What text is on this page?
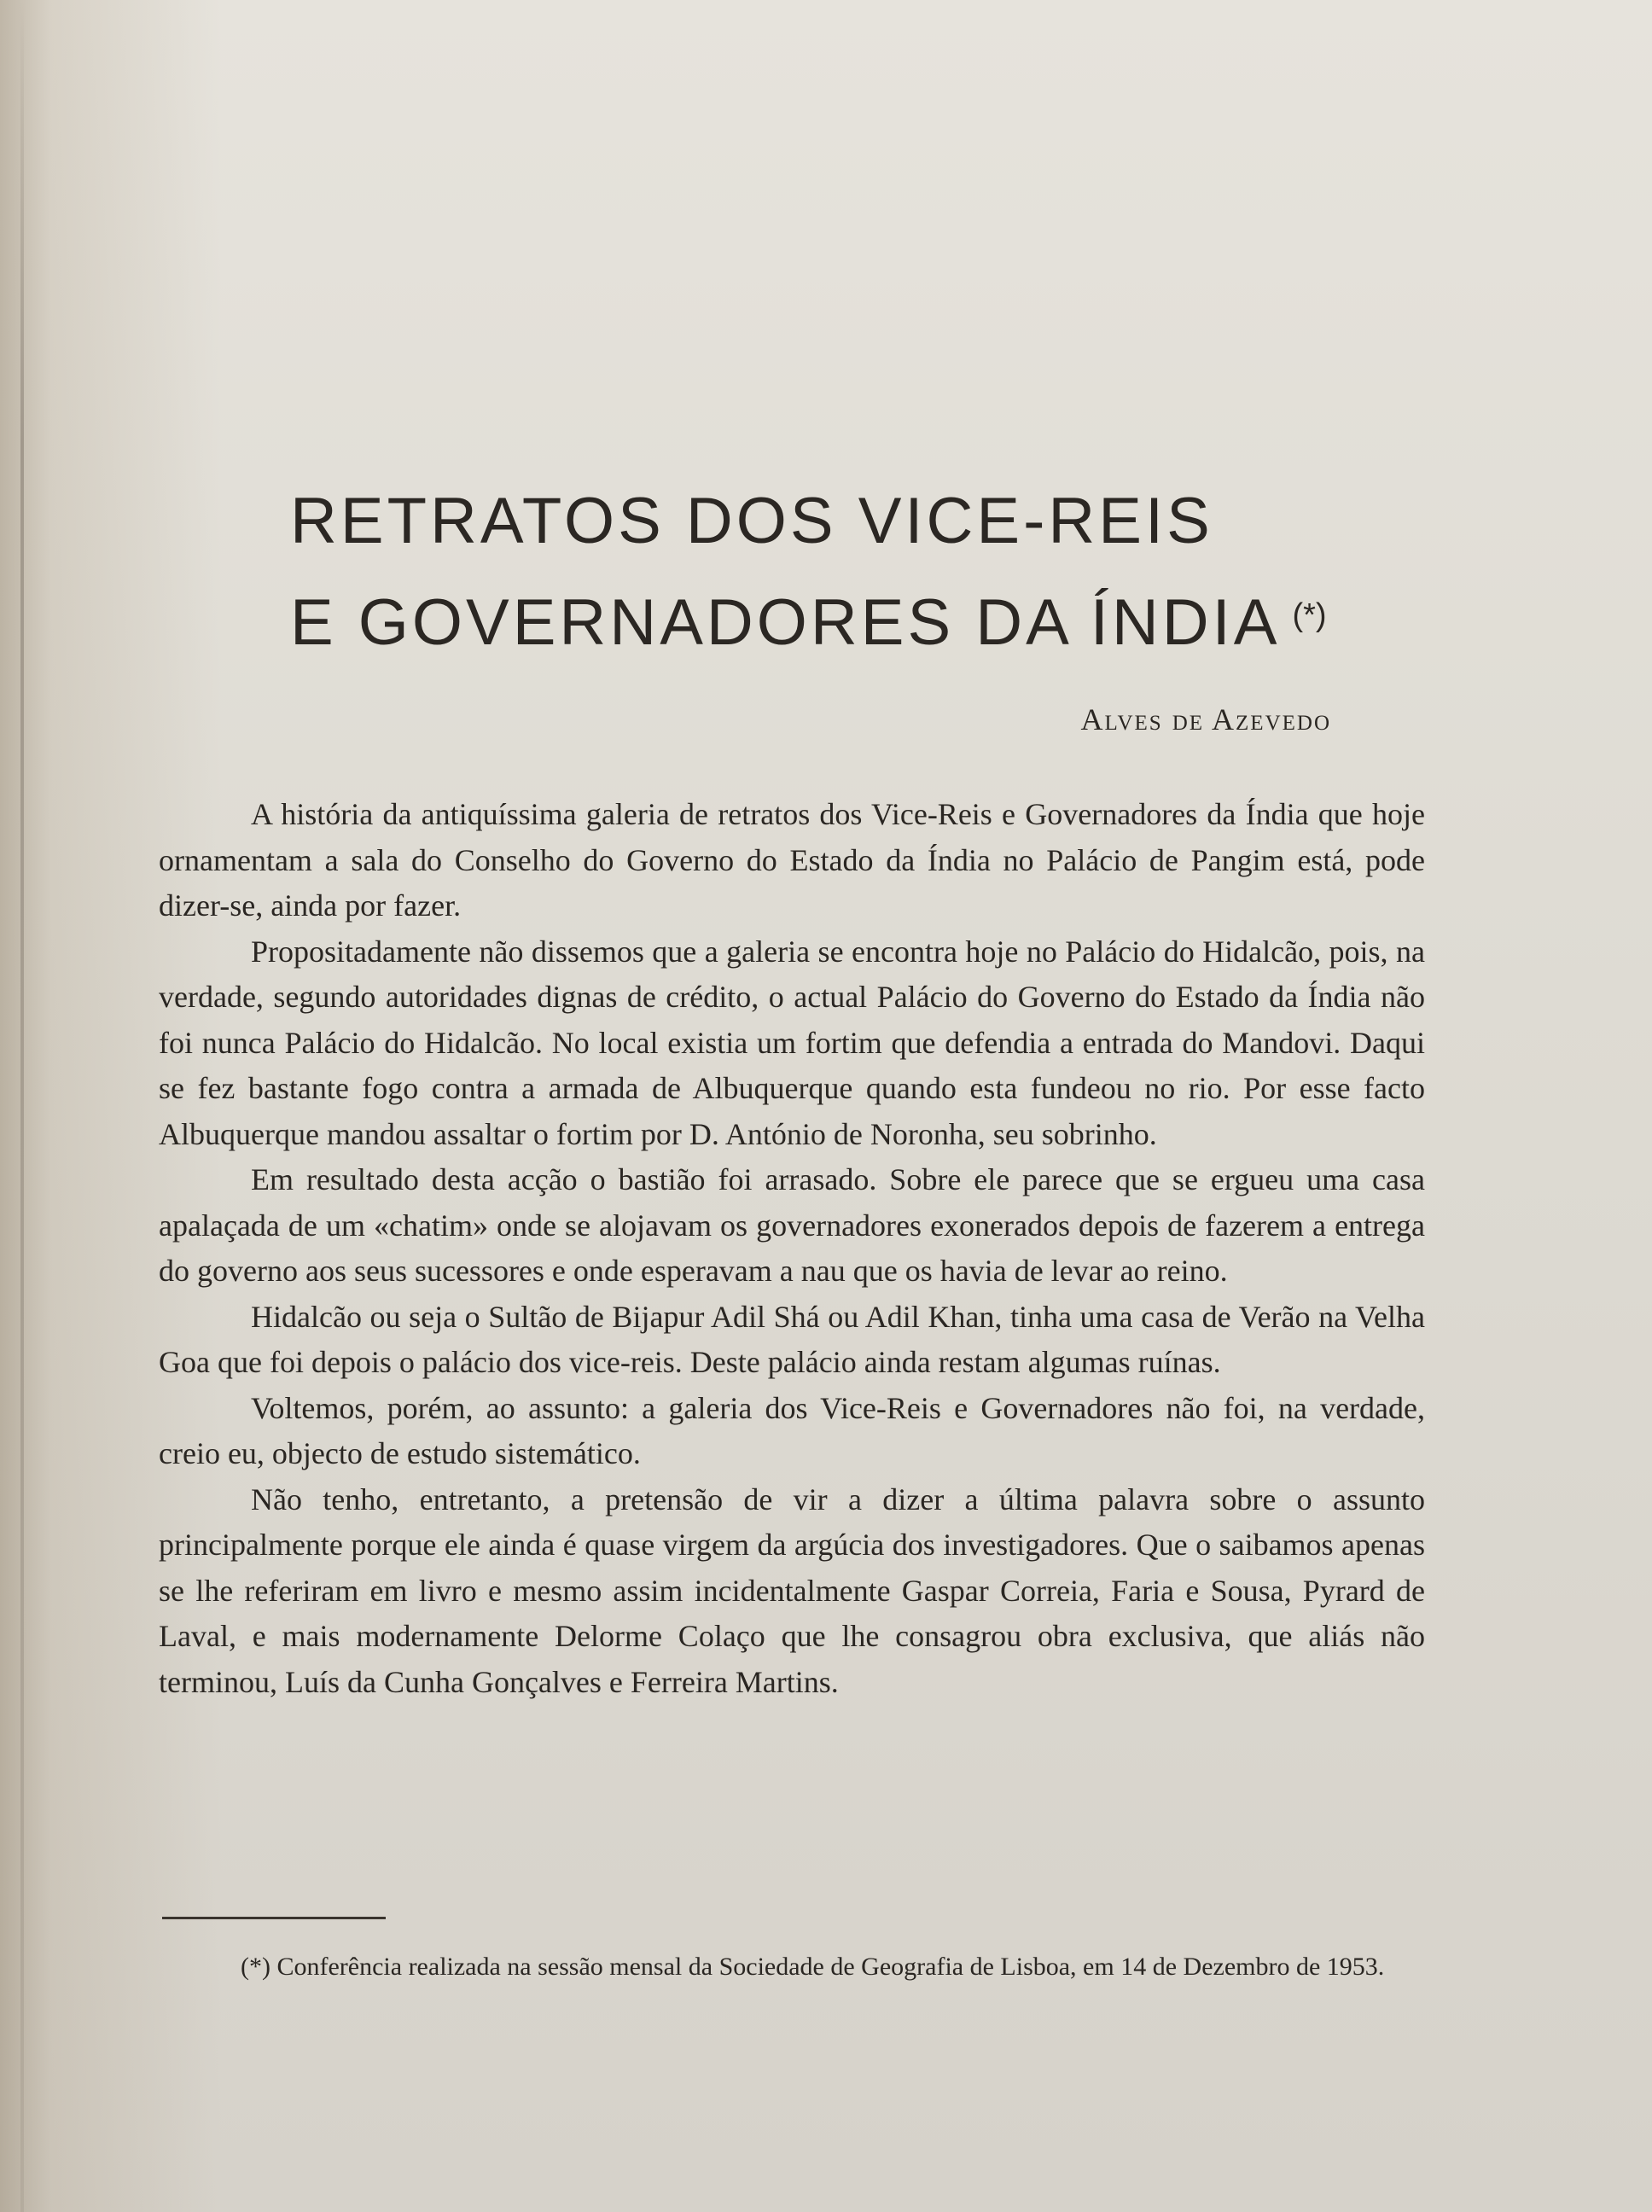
RETRATOS DOS VICE-REIS
E GOVERNADORES DA ÍNDIA (*)
Alves de Azevedo

A história da antiquíssima galeria de retratos dos Vice-Reis e Governadores da Índia que hoje ornamentam a sala do Conselho do Governo do Estado da Índia no Palácio de Pangim está, pode dizer-se, ainda por fazer.

Propositadamente não dissemos que a galeria se encontra hoje no Palácio do Hidalcão, pois, na verdade, segundo autoridades dignas de crédito, o actual Palácio do Governo do Estado da Índia não foi nunca Palácio do Hidalcão. No local existia um fortim que defendia a entrada do Mandovi. Daqui se fez bastante fogo contra a armada de Albuquerque quando esta fundeou no rio. Por esse facto Albuquerque mandou assaltar o fortim por D. António de Noronha, seu sobrinho.

Em resultado desta acção o bastião foi arrasado. Sobre ele parece que se ergueu uma casa apalaçada de um «chatim» onde se alojavam os governadores exonerados depois de fazerem a entrega do governo aos seus sucessores e onde esperavam a nau que os havia de levar ao reino.

Hidalcão ou seja o Sultão de Bijapur Adil Shá ou Adil Khan, tinha uma casa de Verão na Velha Goa que foi depois o palácio dos vice-reis. Deste palácio ainda restam algumas ruínas.

Voltemos, porém, ao assunto: a galeria dos Vice-Reis e Governadores não foi, na verdade, creio eu, objecto de estudo sistemático.

Não tenho, entretanto, a pretensão de vir a dizer a última palavra sobre o assunto principalmente porque ele ainda é quase virgem da argúcia dos investigadores. Que o saibamos apenas se lhe referiram em livro e mesmo assim incidentalmente Gaspar Correia, Faria e Sousa, Pyrard de Laval, e mais modernamente Delorme Colaço que lhe consagrou obra exclusiva, que aliás não terminou, Luís da Cunha Gonçalves e Ferreira Martins.

(*) Conferência realizada na sessão mensal da Sociedade de Geografia de Lisboa, em 14 de Dezembro de 1953.
